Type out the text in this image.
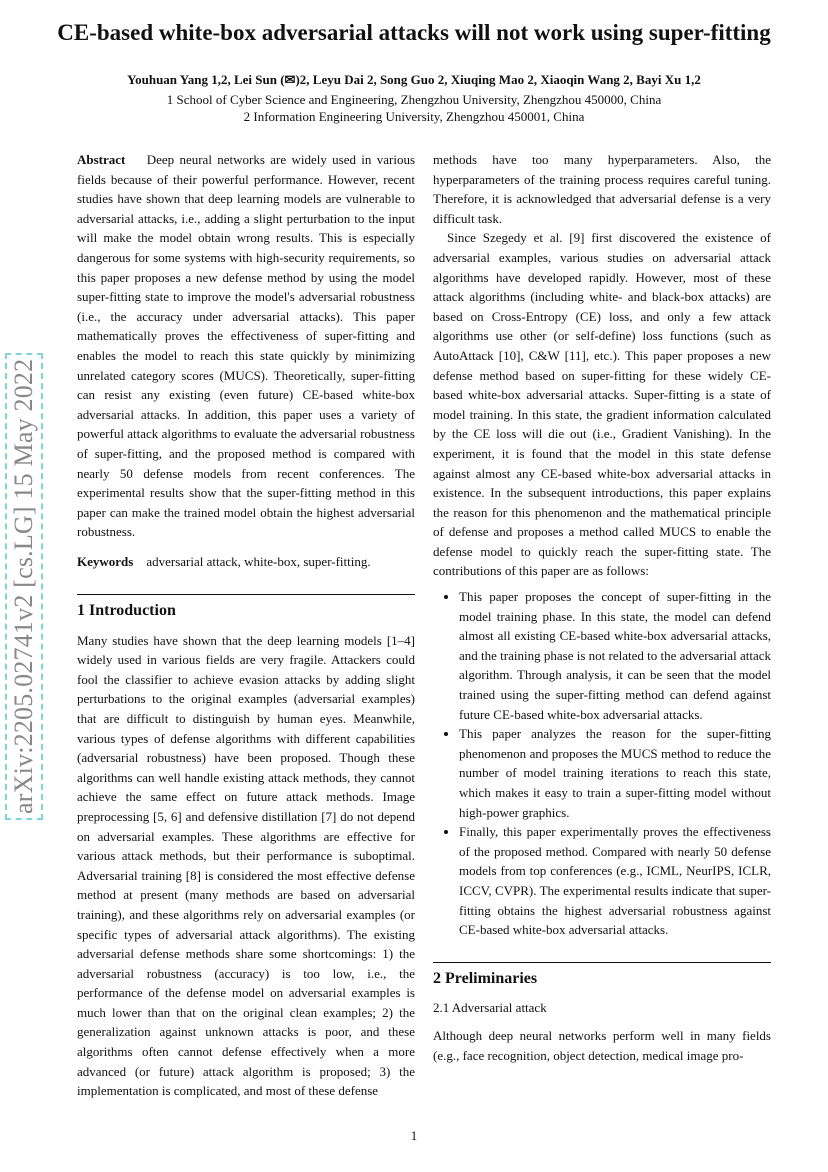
CE-based white-box adversarial attacks will not work using super-fitting
Youhuan Yang 1,2, Lei Sun (✉)2, Leyu Dai 2, Song Guo 2, Xiuqing Mao 2, Xiaoqin Wang 2, Bayi Xu 1,2
1 School of Cyber Science and Engineering, Zhengzhou University, Zhengzhou 450000, China
2 Information Engineering University, Zhengzhou 450001, China
arXiv:2205.02741v2 [cs.LG] 15 May 2022

Abstract Deep neural networks are widely used in various fields because of their powerful performance. However, recent studies have shown that deep learning models are vulnerable to adversarial attacks, i.e., adding a slight perturbation to the input will make the model obtain wrong results. This is especially dangerous for some systems with high-security requirements, so this paper proposes a new defense method by using the model super-fitting state to improve the model's adversarial robustness (i.e., the accuracy under adversarial attacks). This paper mathematically proves the effectiveness of super-fitting and enables the model to reach this state quickly by minimizing unrelated category scores (MUCS). Theoretically, super-fitting can resist any existing (even future) CE-based white-box adversarial attacks. In addition, this paper uses a variety of powerful attack algorithms to evaluate the adversarial robustness of super-fitting, and the proposed method is compared with nearly 50 defense models from recent conferences. The experimental results show that the super-fitting method in this paper can make the trained model obtain the highest adversarial robustness.

Keywords adversarial attack, white-box, super-fitting.

1 Introduction

Many studies have shown that the deep learning models [1–4] widely used in various fields are very fragile. Attackers could fool the classifier to achieve evasion attacks by adding slight perturbations to the original examples (adversarial examples) that are difficult to distinguish by human eyes. Meanwhile, various types of defense algorithms with different capabilities (adversarial robustness) have been proposed. Though these algorithms can well handle existing attack methods, they cannot achieve the same effect on future attack methods. Image preprocessing [5, 6] and defensive distillation [7] do not depend on adversarial examples. These algorithms are effective for various attack methods, but their performance is suboptimal. Adversarial training [8] is considered the most effective defense method at present (many methods are based on adversarial training), and these algorithms rely on adversarial examples (or specific types of adversarial attack algorithms). The existing adversarial defense methods share some shortcomings: 1) the adversarial robustness (accuracy) is too low, i.e., the performance of the defense model on adversarial examples is much lower than that on the original clean examples; 2) the generalization against unknown attacks is poor, and these algorithms often cannot defense effectively when a more advanced (or future) attack algorithm is proposed; 3) the implementation is complicated, and most of these defense

methods have too many hyperparameters. Also, the hyperparameters of the training process requires careful tuning. Therefore, it is acknowledged that adversarial defense is a very difficult task.

Since Szegedy et al. [9] first discovered the existence of adversarial examples, various studies on adversarial attack algorithms have developed rapidly. However, most of these attack algorithms (including white- and black-box attacks) are based on Cross-Entropy (CE) loss, and only a few attack algorithms use other (or self-define) loss functions (such as AutoAttack [10], C&W [11], etc.). This paper proposes a new defense method based on super-fitting for these widely CE-based white-box adversarial attacks. Super-fitting is a state of model training. In this state, the gradient information calculated by the CE loss will die out (i.e., Gradient Vanishing). In the experiment, it is found that the model in this state defense against almost any CE-based white-box adversarial attacks in existence. In the subsequent introductions, this paper explains the reason for this phenomenon and the mathematical principle of defense and proposes a method called MUCS to enable the defense model to quickly reach the super-fitting state. The contributions of this paper are as follows:

• This paper proposes the concept of super-fitting in the model training phase. In this state, the model can defend almost all existing CE-based white-box adversarial attacks, and the training phase is not related to the adversarial attack algorithm. Through analysis, it can be seen that the model trained using the super-fitting method can defend against future CE-based white-box adversarial attacks.
• This paper analyzes the reason for the super-fitting phenomenon and proposes the MUCS method to reduce the number of model training iterations to reach this state, which makes it easy to train a super-fitting model without high-power graphics.
• Finally, this paper experimentally proves the effectiveness of the proposed method. Compared with nearly 50 defense models from top conferences (e.g., ICML, NeurIPS, ICLR, ICCV, CVPR). The experimental results indicate that super-fitting obtains the highest adversarial robustness against CE-based white-box adversarial attacks.
2 Preliminaries
2.1 Adversarial attack

Although deep neural networks perform well in many fields (e.g., face recognition, object detection, medical image pro-

1
